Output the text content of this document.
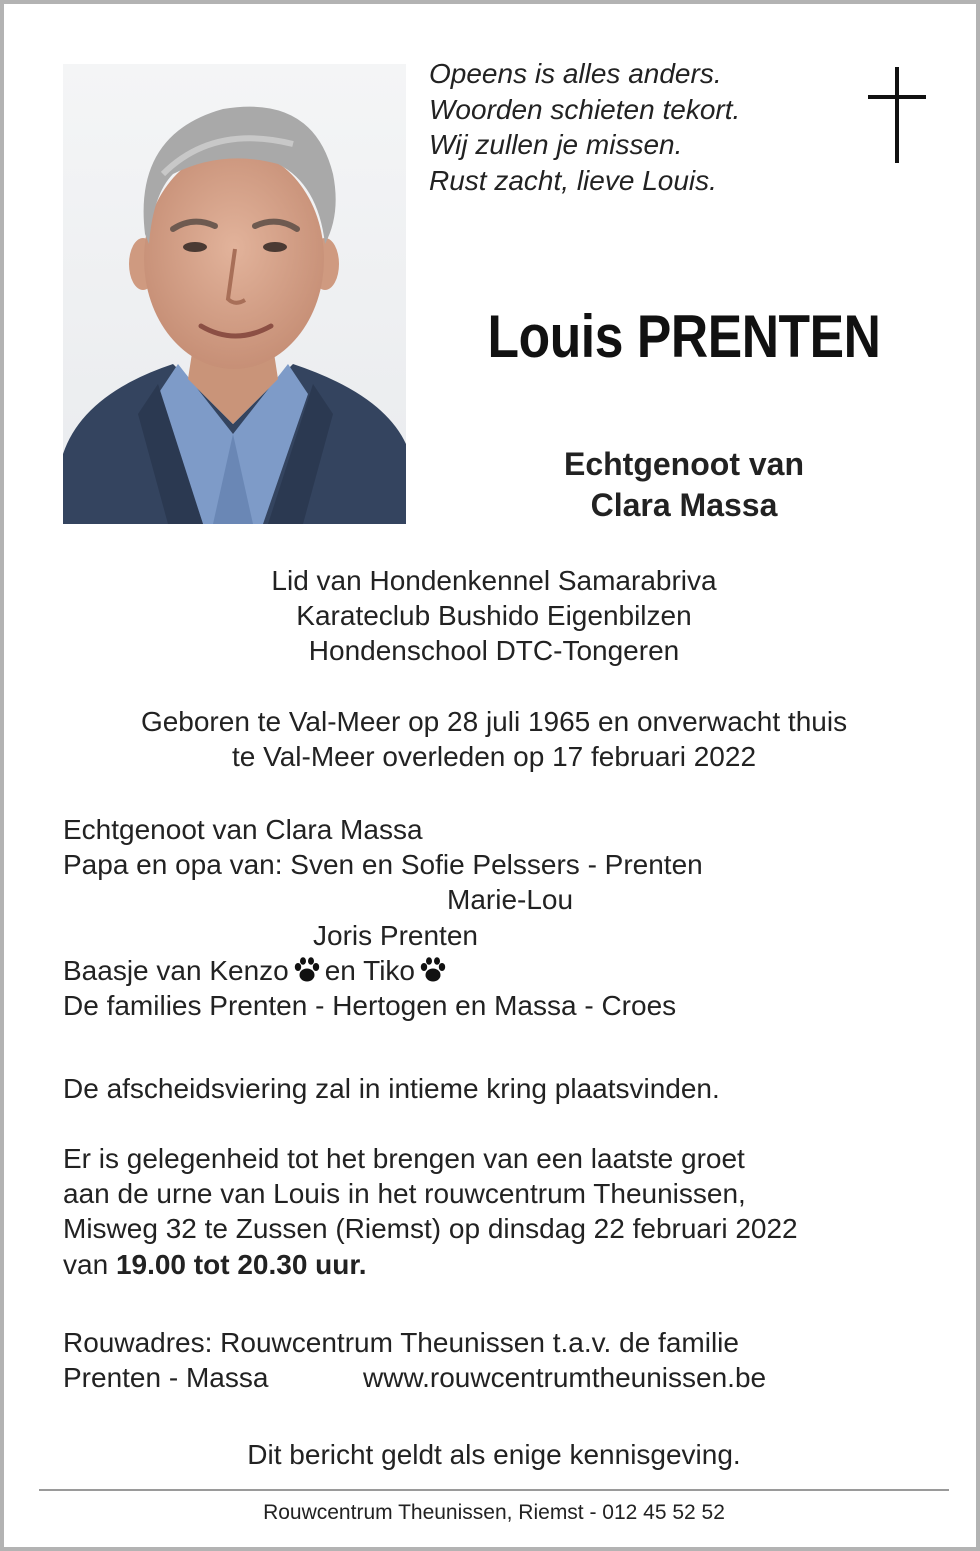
Opeens is alles anders.
Woorden schieten tekort.
Wij zullen je missen.
Rust zacht, lieve Louis.
Louis PRENTEN
Echtgenoot van
Clara Massa
Lid van Hondenkennel Samarabriva
Karateclub Bushido Eigenbilzen
Hondenschool DTC-Tongeren
Geboren te Val-Meer op 28 juli 1965 en onverwacht thuis
te Val-Meer overleden op 17 februari 2022
Echtgenoot van Clara Massa
Papa en opa van: Sven en Sofie Pelssers - Prenten
Marie-Lou
Joris Prenten
Baasje van Kenzo en Tiko
De families Prenten - Hertogen en Massa - Croes
De afscheidsviering zal in intieme kring plaatsvinden.
Er is gelegenheid tot het brengen van een laatste groet
aan de urne van Louis in het rouwcentrum Theunissen,
Misweg 32 te Zussen (Riemst) op dinsdag 22 februari 2022
van 19.00 tot 20.30 uur.
Rouwadres: Rouwcentrum Theunissen t.a.v. de familie
Prenten - Massa	www.rouwcentrumtheunissen.be
Dit bericht geldt als enige kennisgeving.
Rouwcentrum Theunissen, Riemst - 012 45 52 52
